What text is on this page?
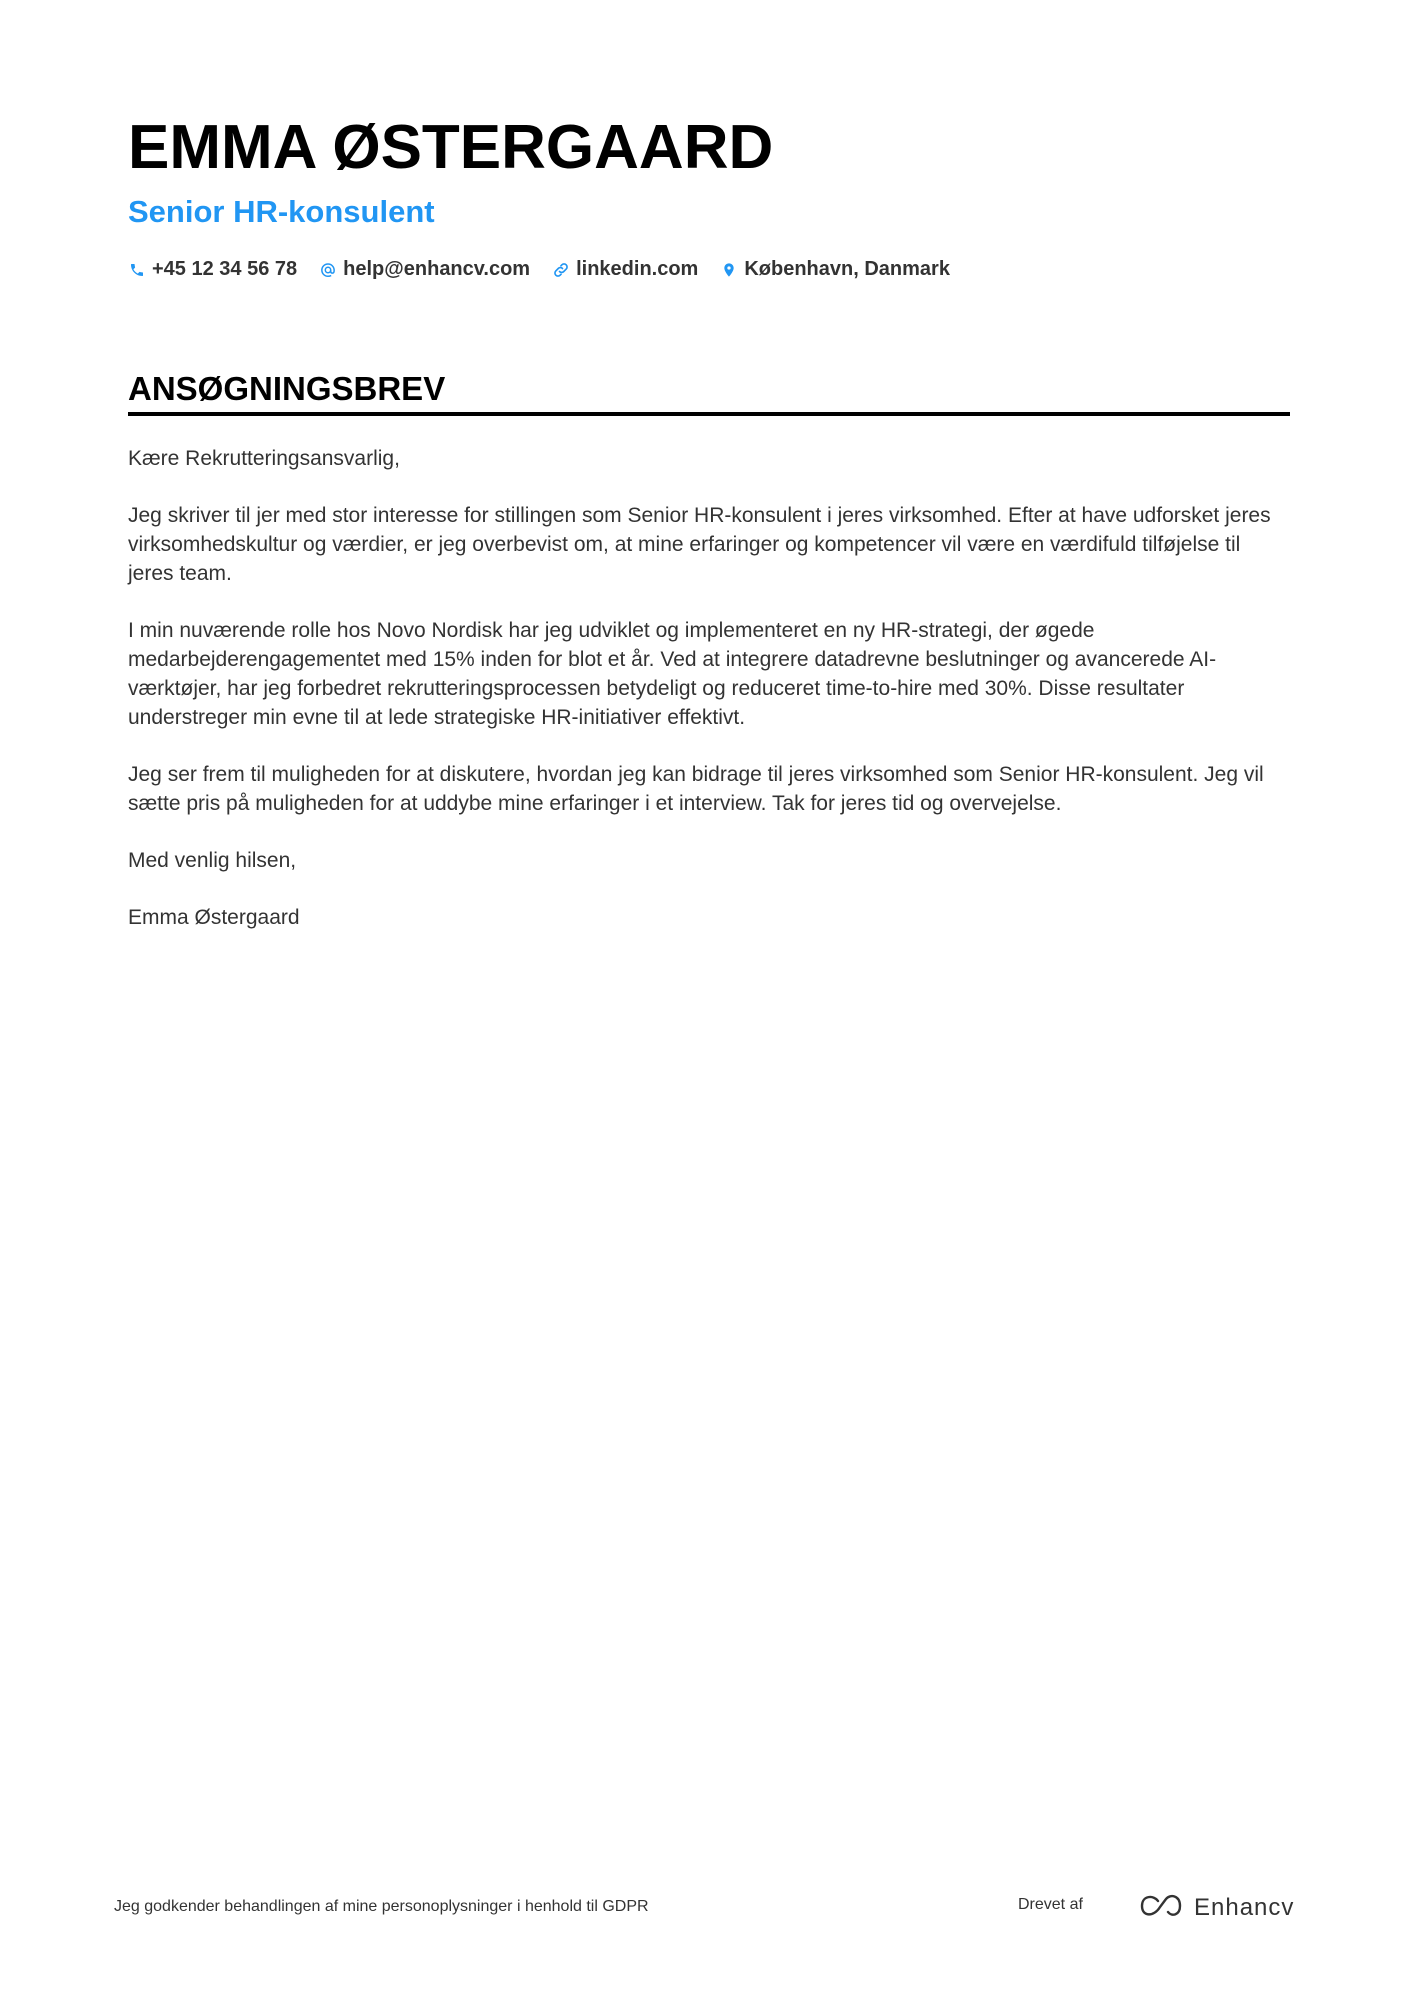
EMMA ØSTERGAARD
Senior HR-konsulent
+45 12 34 56 78 help@enhancv.com linkedin.com København, Danmark
ANSØGNINGSBREV

Kære Rekrutteringsansvarlig,

Jeg skriver til jer med stor interesse for stillingen som Senior HR-konsulent i jeres virksomhed. Efter at have udforsket jeres virksomhedskultur og værdier, er jeg overbevist om, at mine erfaringer og kompetencer vil være en værdifuld tilføjelse til jeres team.

I min nuværende rolle hos Novo Nordisk har jeg udviklet og implementeret en ny HR-strategi, der øgede medarbejderengagementet med 15% inden for blot et år. Ved at integrere datadrevne beslutninger og avancerede AI-værktøjer, har jeg forbedret rekrutteringsprocessen betydeligt og reduceret time-to-hire med 30%. Disse resultater understreger min evne til at lede strategiske HR-initiativer effektivt.

Jeg ser frem til muligheden for at diskutere, hvordan jeg kan bidrage til jeres virksomhed som Senior HR-konsulent. Jeg vil sætte pris på muligheden for at uddybe mine erfaringer i et interview. Tak for jeres tid og overvejelse.

Med venlig hilsen,

Emma Østergaard

Jeg godkender behandlingen af mine personoplysninger i henhold til GDPR	Drevet af	Enhancv
